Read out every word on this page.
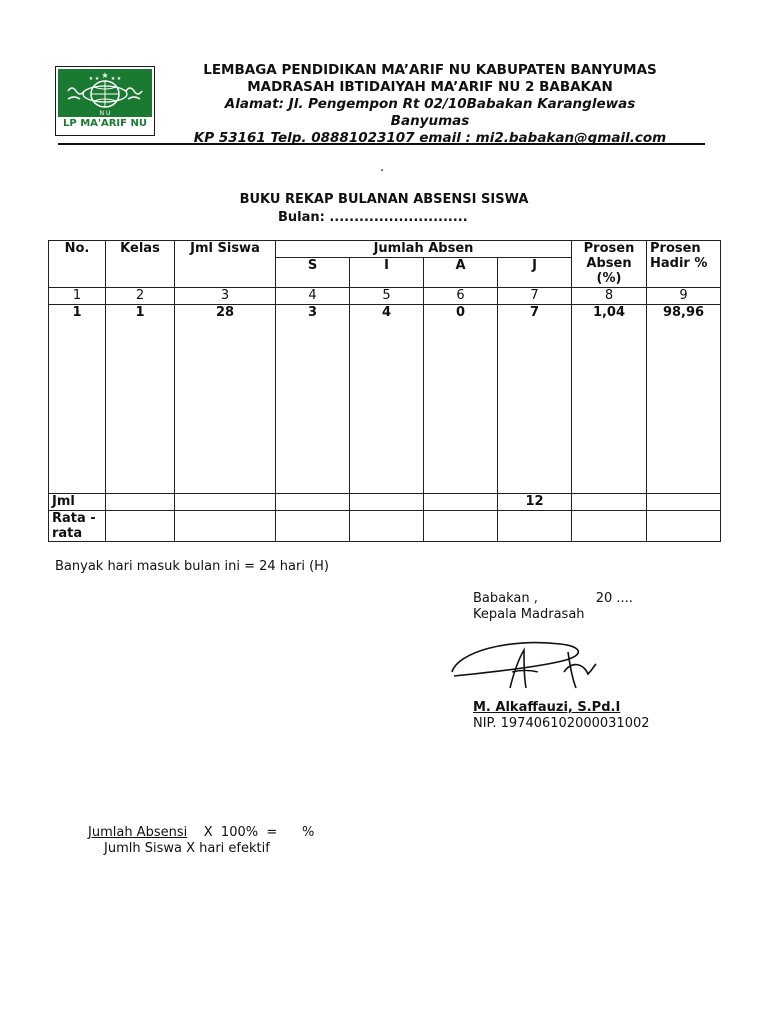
★
★ ★ ★ ★
N U
LP MA'ARIF NU
LEMBAGA PENDIDIKAN MA’ARIF NU KABUPATEN BANYUMAS
MADRASAH IBTIDAIYAH MA’ARIF NU 2 BABAKAN
Alamat: Jl. Pengempon Rt 02/10Babakan Karanglewas
Banyumas
KP 53161 Telp. 08881023107 email : mi2.babakan@gmail.com
.
BUKU REKAP BULANAN ABSENSI SISWA
Bulan: ............................
No.	Kelas	Jml Siswa	Jumlah Absen				Prosen Absen (%)	Prosen Hadir %
			S	I	A	J		
1	2	3	4	5	6	7	8	9
1	1	28	3	4	0	7	1,04	98,96
Jml						12		
Rata -rata								
Banyak hari masuk bulan ini = 24 hari (H)
Babakan ,              20 ....
Kepala Madrasah
M. Alkaffauzi, S.Pd.I
NIP. 197406102000031002
Jumlah Absensi    X  100%  =      %
Jumlh Siswa X hari efektif
